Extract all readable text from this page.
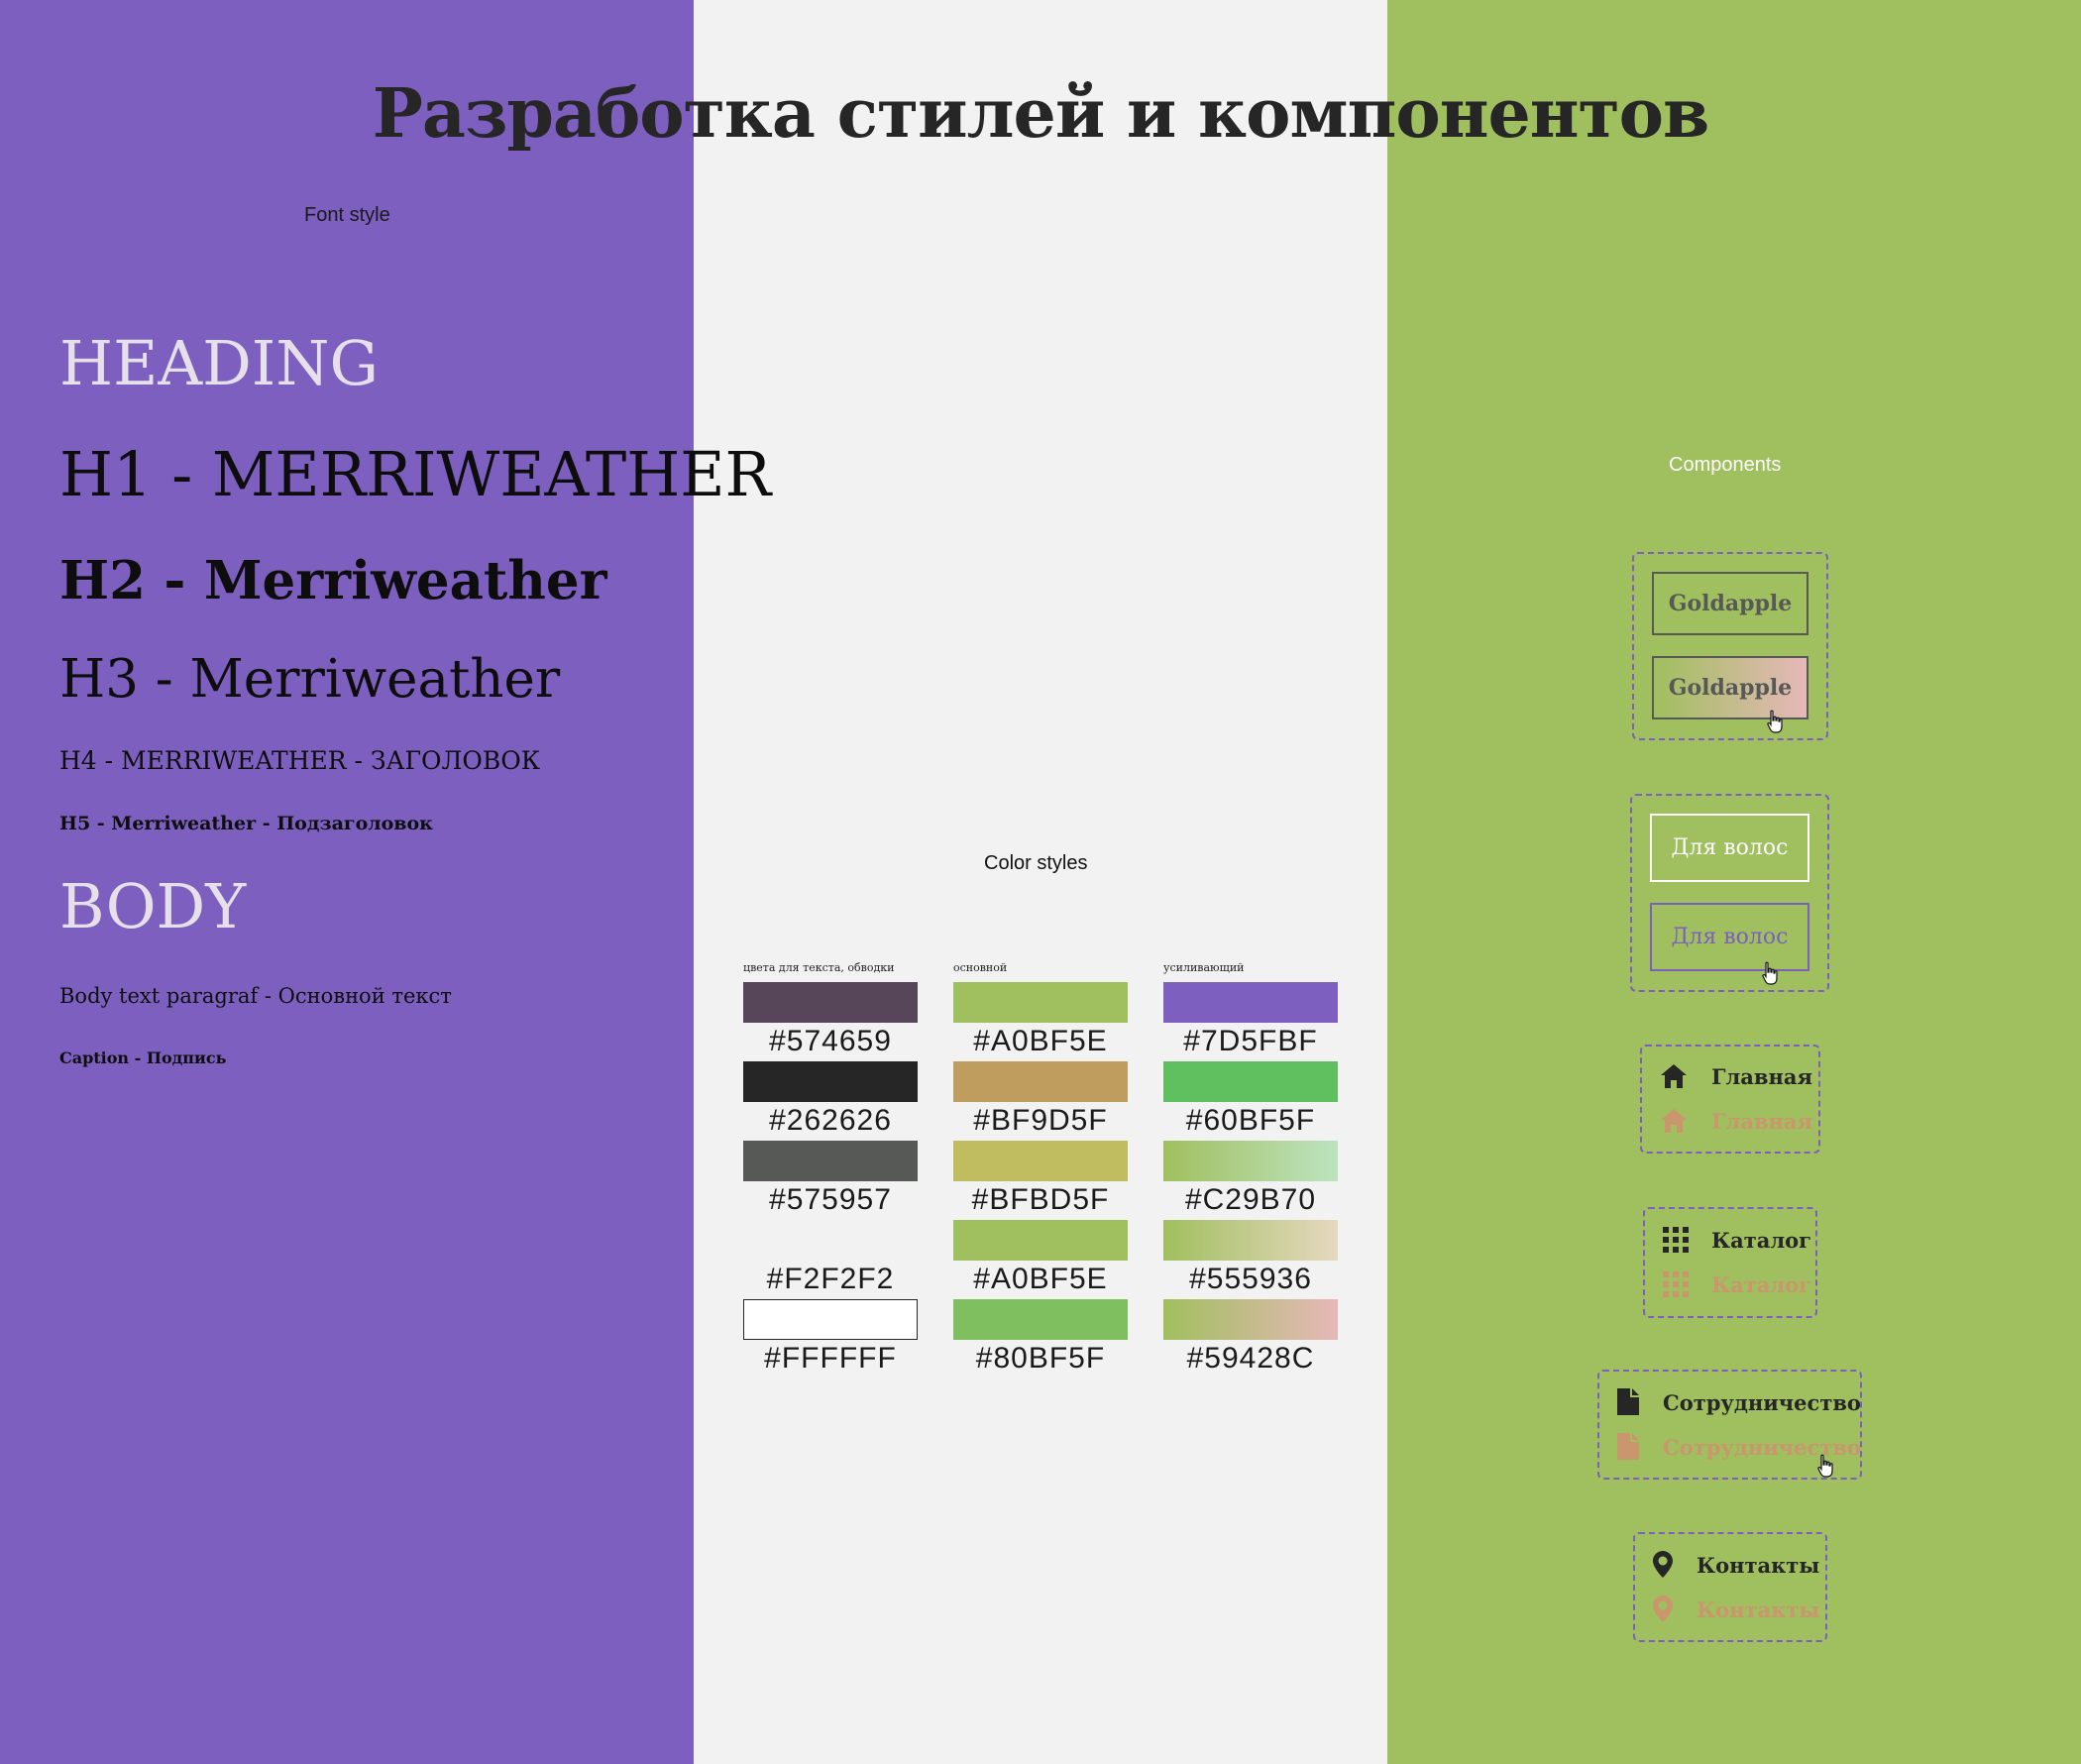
Разработка стилей и компонентов
Font style
Color styles
Components
HEADING
H1 - MERRIWEATHER
H2 - Merriweather
H3 - Merriweather
H4 - MERRIWEATHER - ЗАГОЛОВОК
H5 - Merriweather - Подзаголовок
BODY
Body text paragraf - Основной текст
Caption - Подпись
цвета для текста, обводки
#574659
#262626
#575957
#F2F2F2
#FFFFFF
основной
#A0BF5E
#BF9D5F
#BFBD5F
#A0BF5E
#80BF5F
усиливающий
#7D5FBF
#60BF5F
#C29B70
#555936
#59428C
Goldapple
Goldapple
Для волос
Для волос
Главная
Главная
Каталог
Каталог
Сотрудничество
Сотрудничество
Контакты
Контакты
